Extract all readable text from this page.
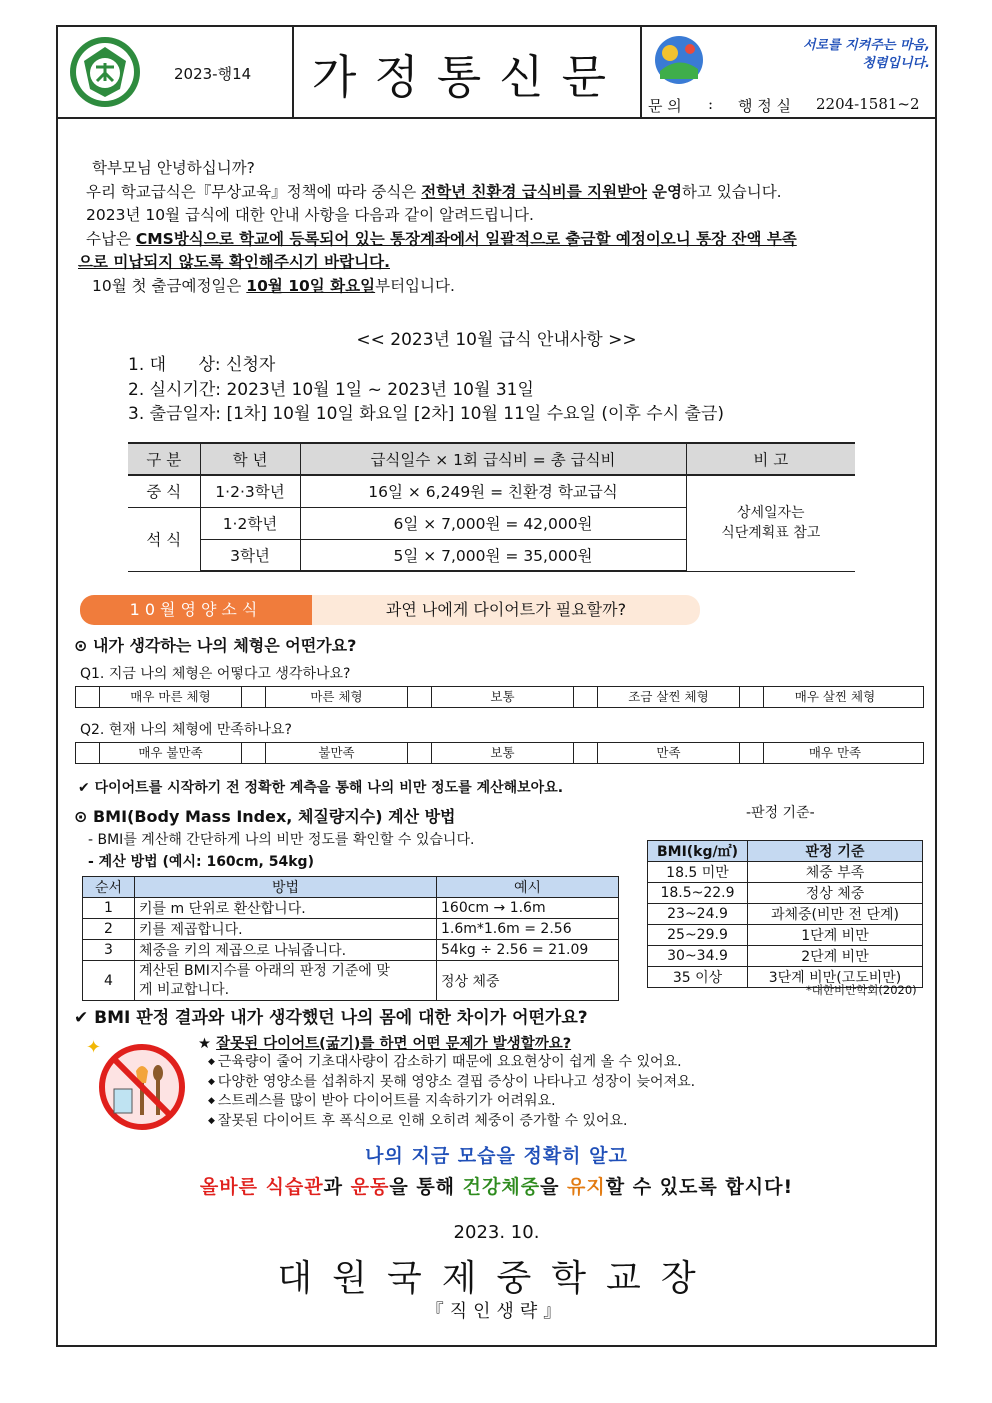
2023-행14	가정통신문
서로를 지켜주는 마음,
청렴입니다.
문 의 : 행 정 실 2204-1581~2

학부모님 안녕하십니까?

우리 학교급식은『무상교육』정책에 따라 중식은 전학년 친환경 급식비를 지원받아 운영하고 있습니다.

2023년 10월 급식에 대한 안내 사항을 다음과 같이 알려드립니다.

수납은 CMS방식으로 학교에 등록되어 있는 통장계좌에서 일괄적으로 출금할 예정이오니 통장 잔액 부족

으로 미납되지 않도록 확인해주시기 바랍니다.

10월 첫 출금예정일은 10월 10일 화요일부터입니다.

<< 2023년 10월 급식 안내사항 >>
1. 대      상: 신청자
2. 실시기간: 2023년 10월 1일 ~ 2023년 10월 31일
3. 출금일자: [1차] 10월 10일 화요일 [2차] 10월 11일 수요일 (이후 수시 출금)
구 분	학 년	급식일수 × 1회 급식비 = 총 급식비	비 고
중 식	1·2·3학년	16일 × 6,249원 = 친환경 학교급식	상세일자는
식단계획표 참고

석 식	1·2학년	6일 × 7,000원 = 42,000원	
	3학년	5일 × 7,000원 = 35,000원	
10월영양소식	과연 나에게 다이어트가 필요할까?
⊙ 내가 생각하는 나의 체형은 어떤가요?
Q1. 지금 나의 체형은 어떻다고 생각하나요?
매우 마른 체형	마른 체형	보통	조금 살찐 체형	매우 살찐 체형
Q2. 현재 나의 체형에 만족하나요?
매우 불만족	불만족	보통	만족	매우 만족
✔ 다이어트를 시작하기 전 정확한 계측을 통해 나의 비만 정도를 계산해보아요.
⊙ BMI(Body Mass Index, 체질량지수) 계산 방법
- BMI를 계산해 간단하게 나의 비만 정도를 확인할 수 있습니다.
- 계산 방법 (예시: 160cm, 54kg)
순서	방법	예시
1	키를 m 단위로 환산합니다.	160cm → 1.6m
2	키를 제곱합니다.	1.6m*1.6m = 2.56
3	체중을 키의 제곱으로 나눠줍니다.	54kg ÷ 2.56 = 21.09
4	계산된 BMI지수를 아래의 판정 기준에 맞
게 비교합니다.	정상 체중
-판정 기준-
BMI(kg/㎡)	판정 기준
18.5 미만	체중 부족
18.5~22.9	정상 체중
23~24.9	과체중(비만 전 단계)
25~29.9	1단계 비만
30~34.9	2단계 비만
35 이상	3단계 비만(고도비만)
*대한비만학회(2020)
✔ BMI 판정 결과와 내가 생각했던 나의 몸에 대한 차이가 어떤가요?
✦	★ 잘못된 다이어트(굶기)를 하면 어떤 문제가 발생할까요?
◆ 근육량이 줄어 기초대사량이 감소하기 때문에 요요현상이 쉽게 올 수 있어요.
◆ 다양한 영양소를 섭취하지 못해 영양소 결핍 증상이 나타나고 성장이 늦어져요.
◆ 스트레스를 많이 받아 다이어트를 지속하기가 어려워요.
◆ 잘못된 다이어트 후 폭식으로 인해 오히려 체중이 증가할 수 있어요.
나의 지금 모습을 정확히 알고
올바른 식습관과 운동을 통해 건강체중을 유지할 수 있도록 합시다!
2023. 10.
대원국제중학교장
『직인생략』
